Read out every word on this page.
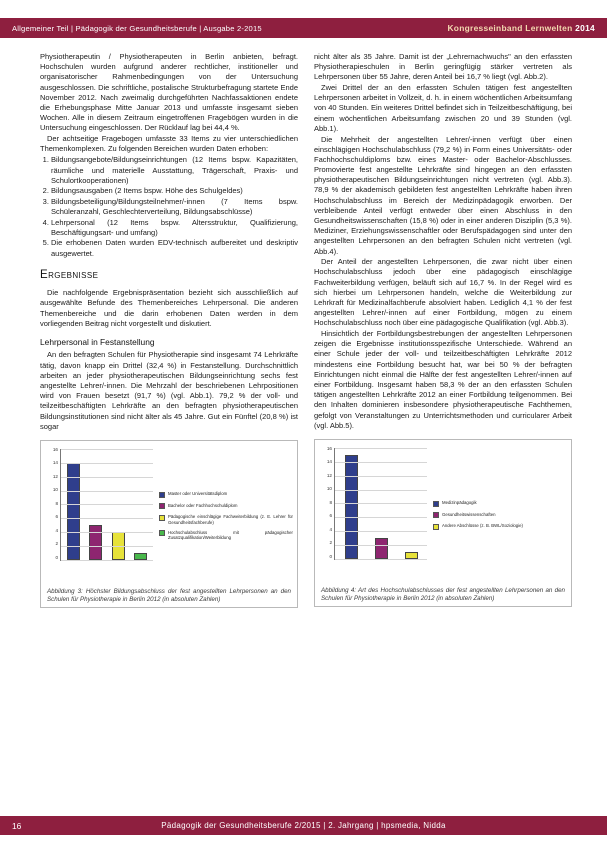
Allgemeiner Teil | Pädagogik der Gesundheitsberufe | Ausgabe 2-2015	Kongresseinband Lernwelten 2014

Physiotherapeutin / Physiotherapeuten in Berlin anbieten, befragt. Hochschulen wurden aufgrund anderer rechtlicher, institioneller und organisatorischer Rahmenbedingungen von der Untersuchung ausgeschlossen. Die schriftliche, postalische Strukturbefragung startete Ende November 2012. Nach zweimalig durchgeführten Nachfassaktionen endete die Erhebungsphase Mitte Januar 2013 und umfasste insgesamt sieben Wochen. Alle in diesem Zeitraum eingetroffenen Fragebögen wurden in die Untersuchung eingeschlossen. Der Rücklauf lag bei 44,4 %.

Der achtseitige Fragebogen umfasste 33 Items zu vier unterschiedlichen Themenkomplexen. Zu folgenden Bereichen wurden Daten erhoben:

1. Bildungsangebote/Bildungseinrichtungen (12 Items bspw. Kapazitäten, räumliche und materielle Ausstattung, Trägerschaft, Praxis- und Schulortkooperationen)
2. Bildungsausgaben (2 Items bspw. Höhe des Schulgeldes)
3. Bildungsbeteiligung/Bildungsteilnehmer/-innen (7 Items bspw. Schüleranzahl, Geschlechterverteilung, Bildungsabschlüsse)
4. Lehrpersonal (12 Items bspw. Altersstruktur, Qualifizierung, Beschäftigungsart- und umfang)
5. Die erhobenen Daten wurden EDV-technisch aufbereitet und deskriptiv ausgewertet.
Ergebnisse

Die nachfolgende Ergebnispräsentation bezieht sich ausschließlich auf ausgewählte Befunde des Themenbereiches Lehrpersonal. Die anderen Themenbereiche und die darin erhobenen Daten werden in dem vorliegenden Beitrag nicht vorgestellt und diskutiert.

Lehrpersonal in Festanstellung

An den befragten Schulen für Physiotherapie sind insgesamt 74 Lehrkräfte tätig, davon knapp ein Drittel (32,4 %) in Festanstellung. Durchschnittlich arbeiten an jeder physiotherapeutischen Bildungseinrichtung sechs fest angestellte Lehrer/-innen. Die Mehrzahl der beschriebenen Lehrpositionen wird von Frauen besetzt (91,7 %) (vgl. Abb.1). 79,2 % der voll- und teilzeitbeschäftigten Lehrkräfte an den befragten physiotherapeutischen Bildungsinstitutionen sind nicht älter als 45 Jahre. Gut ein Fünftel (20,8 %) ist sogar

16
14
12
10
8
6
4
2
0
Master oder Universitätsdiplom
Bachelor oder Fachhochschuldiplom
Pädagogische einschlägige Fachweiterbildung (z. E. Lehrer für Gesundheitsfachberufe)
Hochschulabschluss mit pädagogischer Zusatzqualifikation/Weiterbildung
Abbildung 3: Höchster Bildungsabschluss der fest angestellten Lehrpersonen an den Schulen für Physiotherapie in Berlin 2012 (in absoluten Zahlen)

nicht älter als 35 Jahre. Damit ist der „Lehrernachwuchs" an den erfassten Physiotherapieschulen in Berlin geringfügig stärker vertreten als Lehrpersonen über 55 Jahre, deren Anteil bei 16,7 % liegt (vgl. Abb.2).

Zwei Drittel der an den erfassten Schulen tätigen fest angestellten Lehrpersonen arbeitet in Vollzeit, d. h. in einem wöchentlichen Arbeitsumfang von 40 Stunden. Ein weiteres Drittel befindet sich in Teilzeitbeschäftigung, bei einem wöchentlichen Arbeitsumfang zwischen 20 und 39 Stunden (vgl. Abb.1).

Die Mehrheit der angestellten Lehrer/-innen verfügt über einen einschlägigen Hochschulabschluss (79,2 %) in Form eines Universitäts- oder Fachhochschuldiploms bzw. eines Master- oder Bachelor-Abschlusses. Promovierte fest angestellte Lehrkräfte sind hingegen an den erfassten physiotherapeutischen Bildungseinrichtungen nicht vertreten (vgl. Abb.3). 78,9 % der akademisch gebildeten fest angestellten Lehrkräfte haben ihren Hochschulabschluss im Bereich der Medizinpädagogik erworben. Der verbleibende Anteil verfügt entweder über einen Abschluss in den Gesundheitswissenschaften (15,8 %) oder in einer anderen Disziplin (5,3 %). Mediziner, Erziehungswissenschaftler oder Berufspädagogen sind unter den angestellten Lehrpersonen an den befragten Schulen nicht vertreten (vgl. Abb.4).

Der Anteil der angestellten Lehrpersonen, die zwar nicht über einen Hochschulabschluss jedoch über eine pädagogisch einschlägige Fachweiterbildung verfügen, beläuft sich auf 16,7 %. In der Regel wird es sich hierbei um Lehrpersonen handeln, welche die Weiterbildung zur Lehrkraft für Medizinalfachberufe absolviert haben. Lediglich 4,1 % der fest angestellten Lehrer/-innen auf einer Fortbildung, mögen zu einem Hochschulabschluss noch über eine pädagogische Qualifikation (vgl. Abb.3).

Hinsichtlich der Fortbildungsbestrebungen der angestellten Lehrpersonen zeigen die Ergebnisse institutionsspezifische Unterschiede. Während an einer Schule jeder der voll- und teilzeitbeschäftigten Lehrkräfte 2012 mindestens eine Fortbildung besucht hat, war bei 50 % der befragten Einrichtungen nicht einmal die Hälfte der fest angestellten Lehrer/-innen auf einer Fortbildung. Insgesamt haben 58,3 % der an den erfassten Schulen tätigen angestellten Lehrkräfte 2012 an einer Fortbildung teilgenommen. Bei den Inhalten dominieren insbesondere physiotherapeutische Fachthemen, gefolgt von Veranstaltungen zu Unterrichtsmethoden und curricularer Arbeit (vgl. Abb.5).

16
14
12
10
8
6
4
2
0
Medizinpädagogik
Gesundheitswissenschaften
Andere Abschlüsse (z. B. BWL/Soziologie)
Abbildung 4: Art des Hochschulabschlusses der fest angestellten Lehrpersonen an den Schulen für Physiotherapie in Berlin 2012 (in absoluten Zahlen)
16	Pädagogik der Gesundheitsberufe 2/2015 | 2. Jahrgang | hpsmedia, Nidda
